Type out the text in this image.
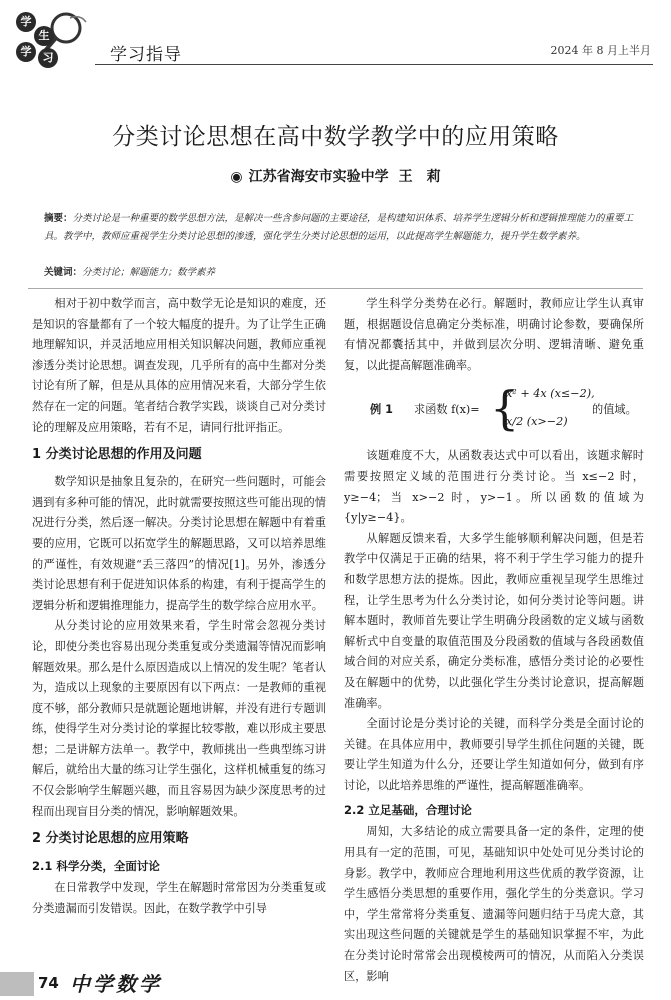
学
生
学	习	学习指导	2024 年 8 月上半月
分类讨论思想在高中数学教学中的应用策略
◉ 江苏省海安市实验中学 王　莉
摘要：分类讨论是一种重要的数学思想方法，是解决一些含参问题的主要途径，是构建知识体系、培养学生逻辑分析和逻辑推理能力的重要工具。教学中，教师应重视学生分类讨论思想的渗透，强化学生分类讨论思想的运用，以此提高学生解题能力，提升学生数学素养。
关键词：分类讨论；解题能力；数学素养

相对于初中数学而言，高中数学无论是知识的难度，还是知识的容量都有了一个较大幅度的提升。为了让学生正确地理解知识，并灵活地应用相关知识解决问题，教师应重视渗透分类讨论思想。调查发现，几乎所有的高中生都对分类讨论有所了解，但是从具体的应用情况来看，大部分学生依然存在一定的问题。笔者结合教学实践，谈谈自己对分类讨论的理解及应用策略，若有不足，请同行批评指正。

1 分类讨论思想的作用及问题

数学知识是抽象且复杂的，在研究一些问题时，可能会遇到有多种可能的情况，此时就需要按照这些可能出现的情况进行分类，然后逐一解决。分类讨论思想在解题中有着重要的应用，它既可以拓宽学生的解题思路，又可以培养思维的严谨性，有效规避“丢三落四”的情况[1]。另外，渗透分类讨论思想有利于促进知识体系的构建，有利于提高学生的逻辑分析和逻辑推理能力，提高学生的数学综合应用水平。

从分类讨论的应用效果来看，学生时常会忽视分类讨论，即使分类也容易出现分类重复或分类遗漏等情况而影响解题效果。那么是什么原因造成以上情况的发生呢？笔者认为，造成以上现象的主要原因有以下两点：一是教师的重视度不够，部分教师只是就题论题地讲解，并没有进行专题训练，使得学生对分类讨论的掌握比较零散，难以形成主要思想；二是讲解方法单一。教学中，教师挑出一些典型练习讲解后，就给出大量的练习让学生强化，这样机械重复的练习不仅会影响学生解题兴趣，而且容易因为缺少深度思考的过程而出现盲目分类的情况，影响解题效果。

2 分类讨论思想的应用策略
2.1 科学分类，全面讨论

在日常教学中发现，学生在解题时常常因为分类重复或分类遗漏而引发错误。因此，在数学教学中引导

学生科学分类势在必行。解题时，教师应让学生认真审题，根据题设信息确定分类标准，明确讨论参数，要确保所有情况都囊括其中，并做到层次分明、逻辑清晰、避免重复，以此提高解题准确率。

例 1 求函数 f(x)= {
x² + 4x (x≤−2),
x/2 (x>−2)
的值域。

该题难度不大，从函数表达式中可以看出，该题求解时需要按照定义域的范围进行分类讨论。当 x≤−2 时，y≥−4；当 x>−2 时，y>−1。所以函数的值域为{y|y≥−4}。

从解题反馈来看，大多学生能够顺利解决问题，但是若教学中仅满足于正确的结果，将不利于学生学习能力的提升和数学思想方法的提炼。因此，教师应重视呈现学生思维过程，让学生思考为什么分类讨论，如何分类讨论等问题。讲解本题时，教师首先要让学生明确分段函数的定义域与函数解析式中自变量的取值范围及分段函数的值域与各段函数值域合间的对应关系，确定分类标准，感悟分类讨论的必要性及在解题中的优势，以此强化学生分类讨论意识，提高解题准确率。

全面讨论是分类讨论的关键，而科学分类是全面讨论的关键。在具体应用中，教师要引导学生抓住问题的关键，既要让学生知道为什么分，还要让学生知道如何分，做到有序讨论，以此培养思维的严谨性，提高解题准确率。

2.2 立足基础，合理讨论

周知，大多结论的成立需要具备一定的条件，定理的使用具有一定的范围，可见，基础知识中处处可见分类讨论的身影。教学中，教师应合理地利用这些优质的教学资源，让学生感悟分类思想的重要作用，强化学生的分类意识。学习中，学生常常将分类重复、遗漏等问题归结于马虎大意，其实出现这些问题的关键就是学生的基础知识掌握不牢，为此在分类讨论时常常会出现模棱两可的情况，从而陷入分类误区，影响

74 中学数学
